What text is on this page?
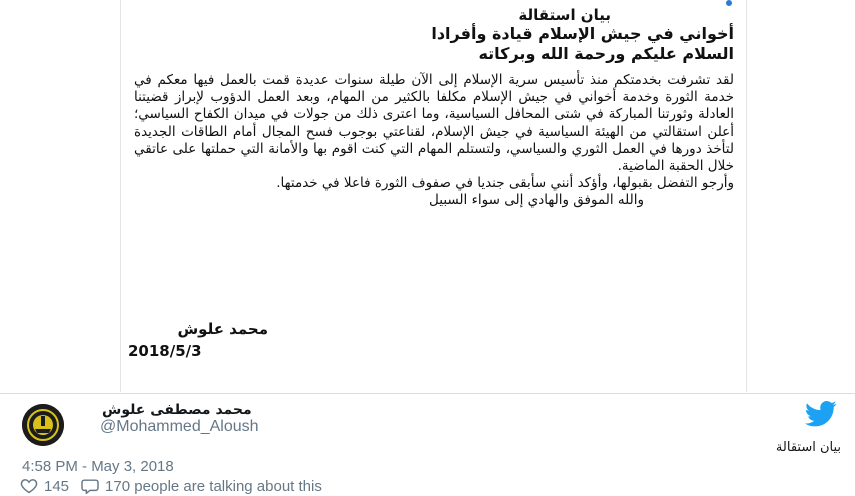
بيان استقالة
أخواني في جيش الإسلام قيادة وأفرادا
السلام عليكم ورحمة الله وبركاته

لقد تشرفت بخدمتكم منذ تأسيس سرية الإسلام إلى الآن طيلة سنوات عديدة قمت بالعمل فيها معكم في خدمة الثورة وخدمة أخواني في جيش الإسلام مكلفا بالكثير من المهام، وبعد العمل الدؤوب لإبراز قضيتنا العادلة وثورتنا المباركة في شتى المحافل السياسية، وما اعترى ذلك من جولات في ميدان الكفاح السياسي؛ أعلن استقالتي من الهيئة السياسية في جيش الإسلام، لقناعتي بوجوب فسح المجال أمام الطاقات الجديدة لتأخذ دورها في العمل الثوري والسياسي، ولتستلم المهام التي كنت اقوم بها والأمانة التي حملتها على عاتقي خلال الحقبة الماضية.

وأرجو التفضل بقبولها، وأؤكد أنني سأبقى جنديا في صفوف الثورة فاعلا في خدمتها.

والله الموفق والهادي إلى سواء السبيل

محمد علوش
2018/5/3
محمد مصطفى علوش
@Mohammed_Aloush
بيان استقالة
4:58 PM - May 3, 2018
145 170 people are talking about this
